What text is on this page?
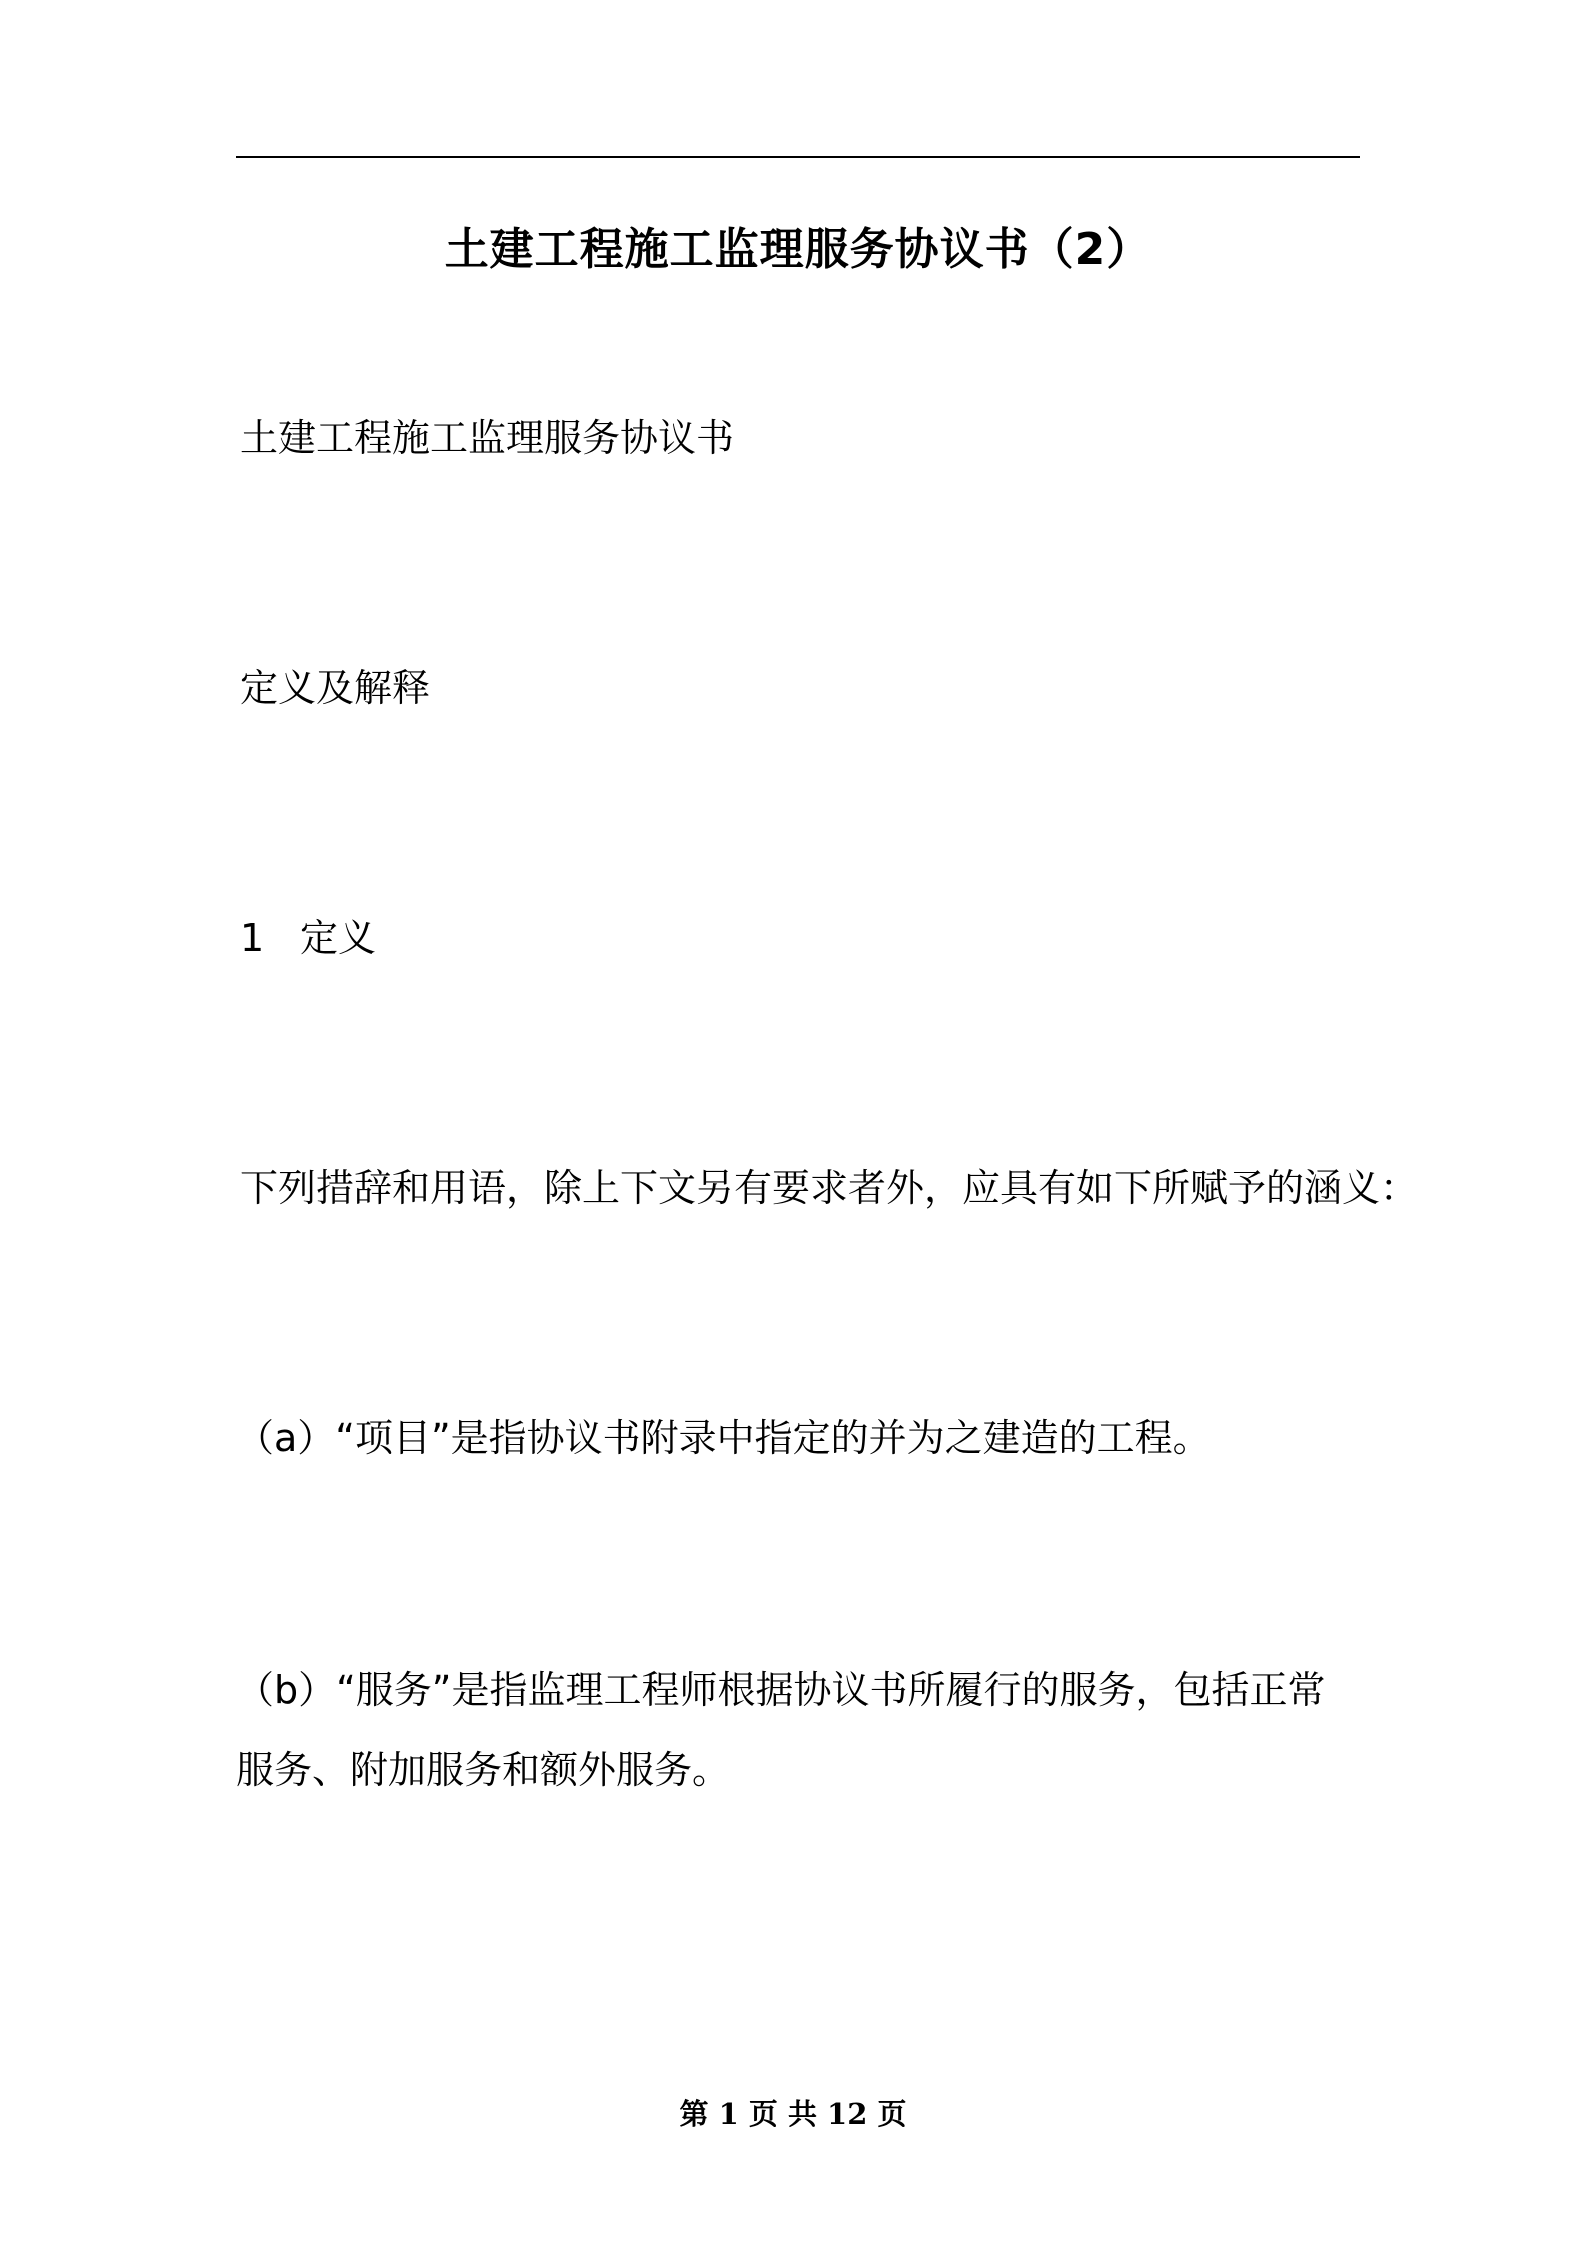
土建工程施工监理服务协议书（2）
土建工程施工监理服务协议书
定义及解释
1 定义
下列措辞和用语，除上下文另有要求者外，应具有如下所赋予的涵义：
（a）“项目”是指协议书附录中指定的并为之建造的工程。
（b）“服务”是指监理工程师根据协议书所履行的服务，包括正常服务、附加服务和额外服务。
第 1 页 共 12 页
